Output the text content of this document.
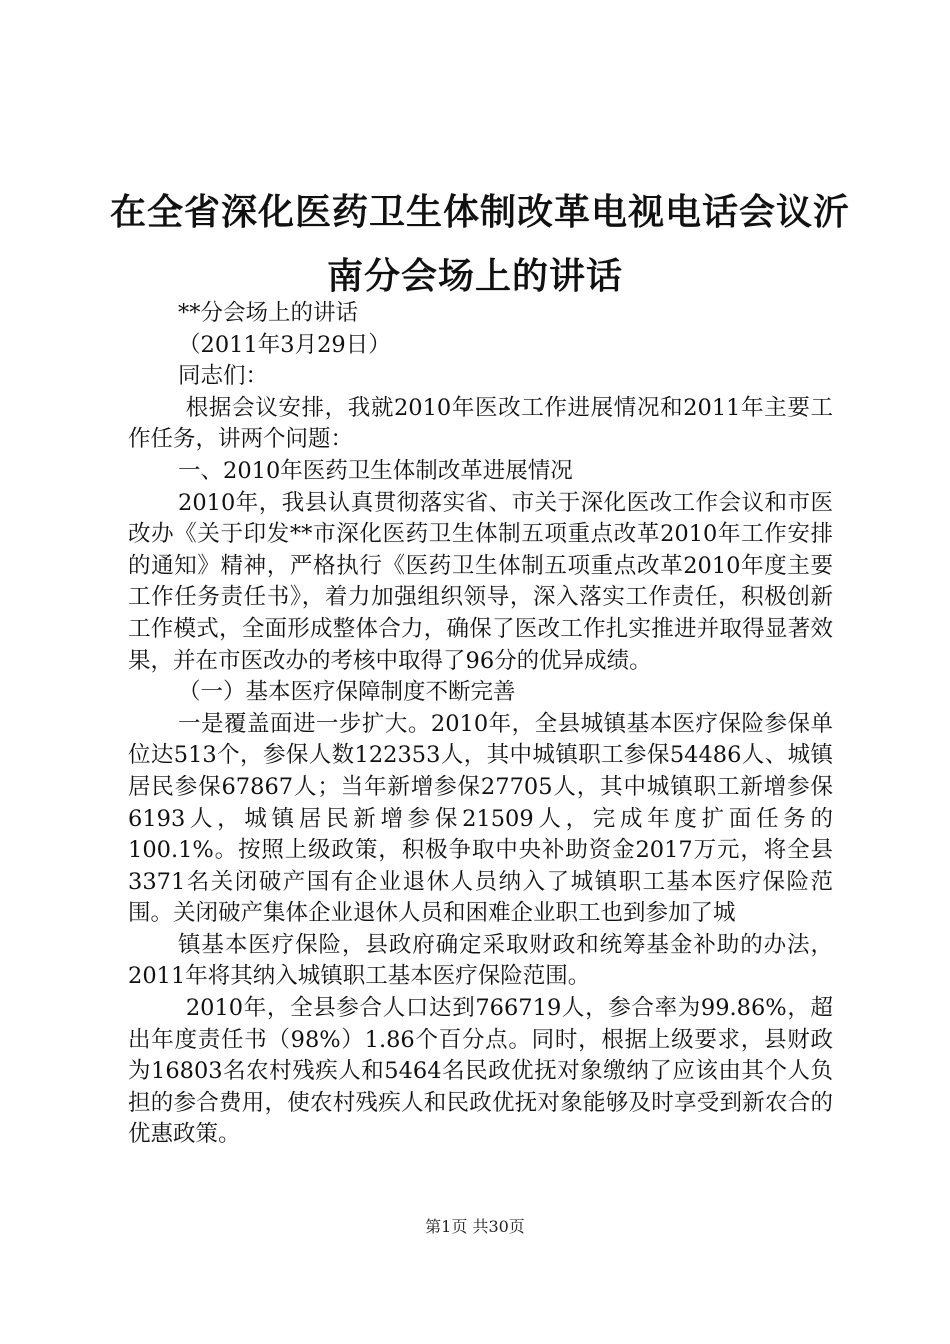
在全省深化医药卫生体制改革电视电话会议沂
南分会场上的讲话

**分会场上的讲话

（2011年3月29日）

同志们：

根据会议安排，我就2010年医改工作进展情况和2011年主要工作任务，讲两个问题：

一、2010年医药卫生体制改革进展情况

2010年，我县认真贯彻落实省、市关于深化医改工作会议和市医改办《关于印发**市深化医药卫生体制五项重点改革2010年工作安排的通知》精神，严格执行《医药卫生体制五项重点改革2010年度主要工作任务责任书》，着力加强组织领导，深入落实工作责任，积极创新工作模式，全面形成整体合力，确保了医改工作扎实推进并取得显著效果，并在市医改办的考核中取得了96分的优异成绩。

（一）基本医疗保障制度不断完善

一是覆盖面进一步扩大。2010年，全县城镇基本医疗保险参保单位达513个，参保人数122353人，其中城镇职工参保54486人、城镇居民参保67867人；当年新增参保27705人，其中城镇职工新增参保6193人，城镇居民新增参保21509人，完成年度扩面任务的100.1%。按照上级政策，积极争取中央补助资金2017万元，将全县3371名关闭破产国有企业退休人员纳入了城镇职工基本医疗保险范围。关闭破产集体企业退休人员和困难企业职工也到参加了城

镇基本医疗保险，县政府确定采取财政和统筹基金补助的办法，2011年将其纳入城镇职工基本医疗保险范围。

2010年，全县参合人口达到766719人，参合率为99.86%，超出年度责任书（98%）1.86个百分点。同时，根据上级要求，县财政为16803名农村残疾人和5464名民政优抚对象缴纳了应该由其个人负担的参合费用，使农村残疾人和民政优抚对象能够及时享受到新农合的优惠政策。

第1页 共30页
